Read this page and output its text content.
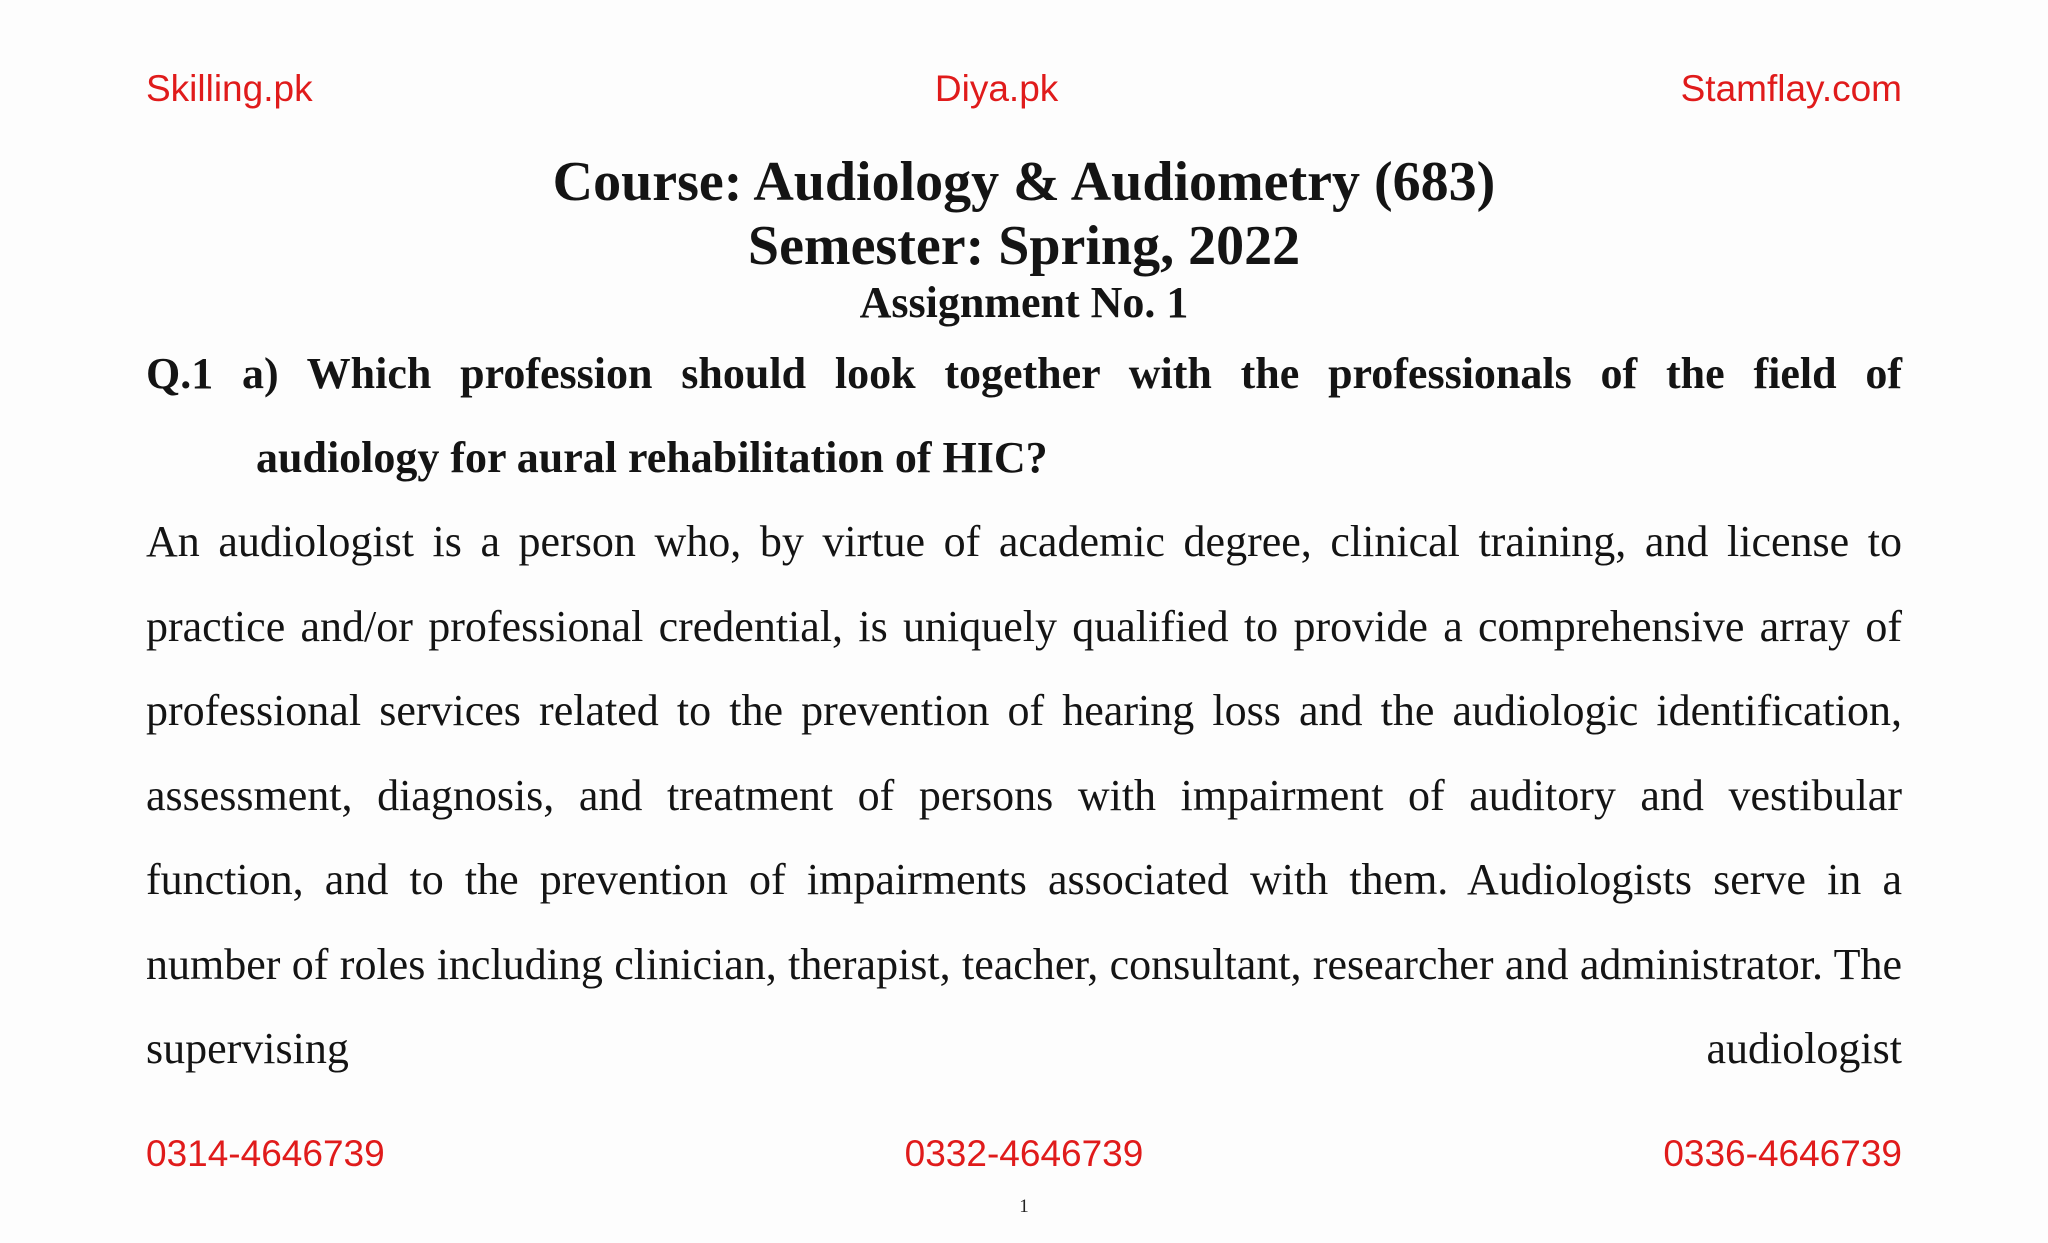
Skilling.pk	Diya.pk	Stamflay.com

Course: Audiology & Audiometry (683)

Semester: Spring, 2022

Assignment No. 1

Q.1 a) Which profession should look together with the professionals of the field of
audiology for aural rehabilitation of HIC?

An audiologist is a person who, by virtue of academic degree, clinical training, and license to practice and/or professional credential, is uniquely qualified to provide a comprehensive array of professional services related to the prevention of hearing loss and the audiologic identification, assessment, diagnosis, and treatment of persons with impairment of auditory and vestibular function, and to the prevention of impairments associated with them. Audiologists serve in a number of roles including clinician, therapist, teacher, consultant, researcher and administrator. The supervising audiologist

0314-4646739	0332-4646739	0336-4646739
1
